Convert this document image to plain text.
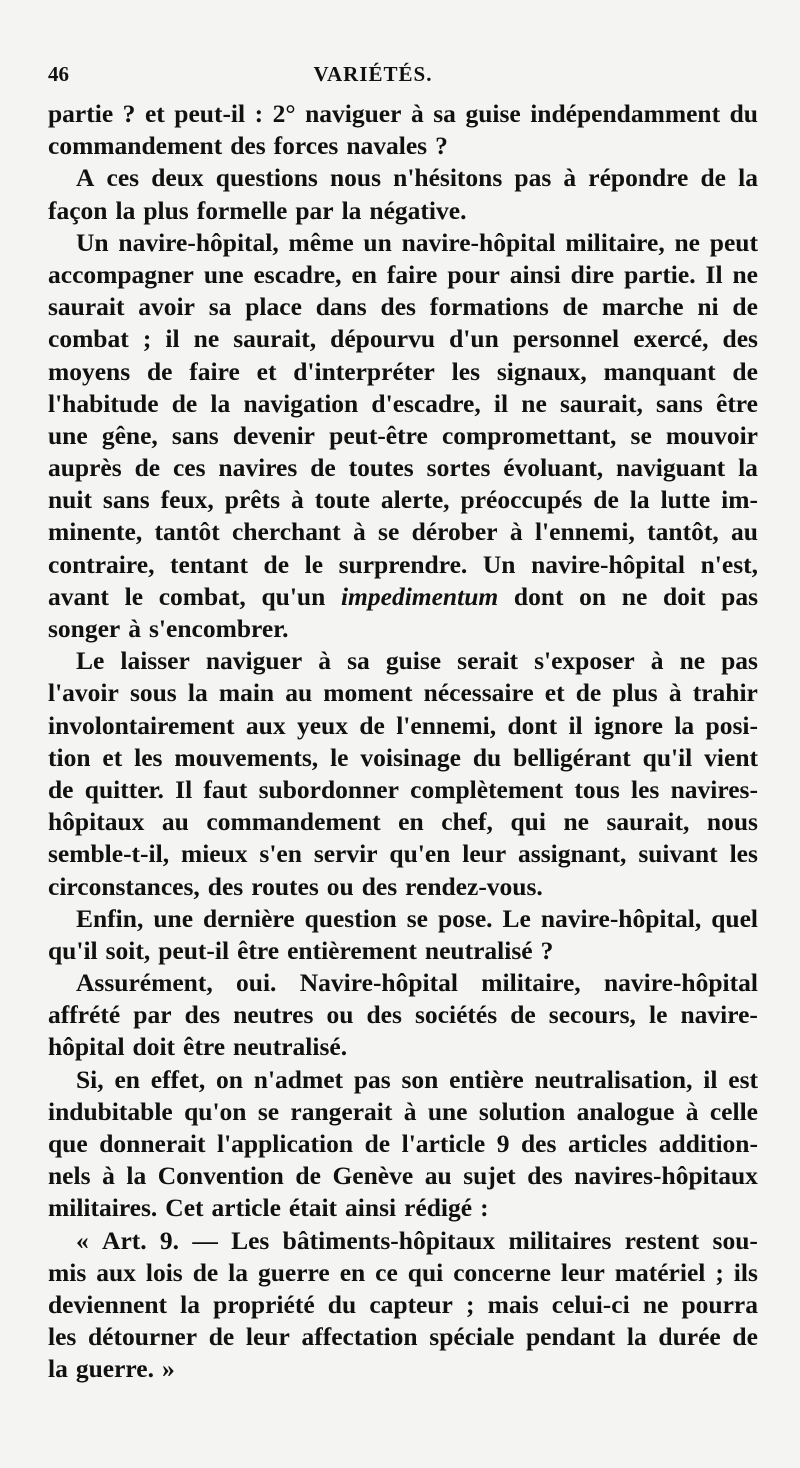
46	VARIÉTÉS.
partie ? et peut-il : 2° naviguer à sa guise indépendamment du
commandement des forces navales ?
A ces deux questions nous n'hésitons pas à répondre de la
façon la plus formelle par la négative.
Un navire-hôpital, même un navire-hôpital militaire, ne peut
accompagner une escadre, en faire pour ainsi dire partie. Il ne
saurait avoir sa place dans des formations de marche ni de
combat ; il ne saurait, dépourvu d'un personnel exercé, des
moyens de faire et d'interpréter les signaux, manquant de
l'habitude de la navigation d'escadre, il ne saurait, sans être
une gêne, sans devenir peut-être compromettant, se mouvoir
auprès de ces navires de toutes sortes évoluant, naviguant la
nuit sans feux, prêts à toute alerte, préoccupés de la lutte im-
minente, tantôt cherchant à se dérober à l'ennemi, tantôt, au
contraire, tentant de le surprendre. Un navire-hôpital n'est,
avant le combat, qu'un impedimentum dont on ne doit pas
songer à s'encombrer.
Le laisser naviguer à sa guise serait s'exposer à ne pas
l'avoir sous la main au moment nécessaire et de plus à trahir
involontairement aux yeux de l'ennemi, dont il ignore la posi-
tion et les mouvements, le voisinage du belligérant qu'il vient
de quitter. Il faut subordonner complètement tous les navires-
hôpitaux au commandement en chef, qui ne saurait, nous
semble-t-il, mieux s'en servir qu'en leur assignant, suivant les
circonstances, des routes ou des rendez-vous.
Enfin, une dernière question se pose. Le navire-hôpital, quel
qu'il soit, peut-il être entièrement neutralisé ?
Assurément, oui. Navire-hôpital militaire, navire-hôpital
affrété par des neutres ou des sociétés de secours, le navire-
hôpital doit être neutralisé.
Si, en effet, on n'admet pas son entière neutralisation, il est
indubitable qu'on se rangerait à une solution analogue à celle
que donnerait l'application de l'article 9 des articles addition-
nels à la Convention de Genève au sujet des navires-hôpitaux
militaires. Cet article était ainsi rédigé :
« Art. 9. — Les bâtiments-hôpitaux militaires restent sou-
mis aux lois de la guerre en ce qui concerne leur matériel ; ils
deviennent la propriété du capteur ; mais celui-ci ne pourra
les détourner de leur affectation spéciale pendant la durée de
la guerre. »
